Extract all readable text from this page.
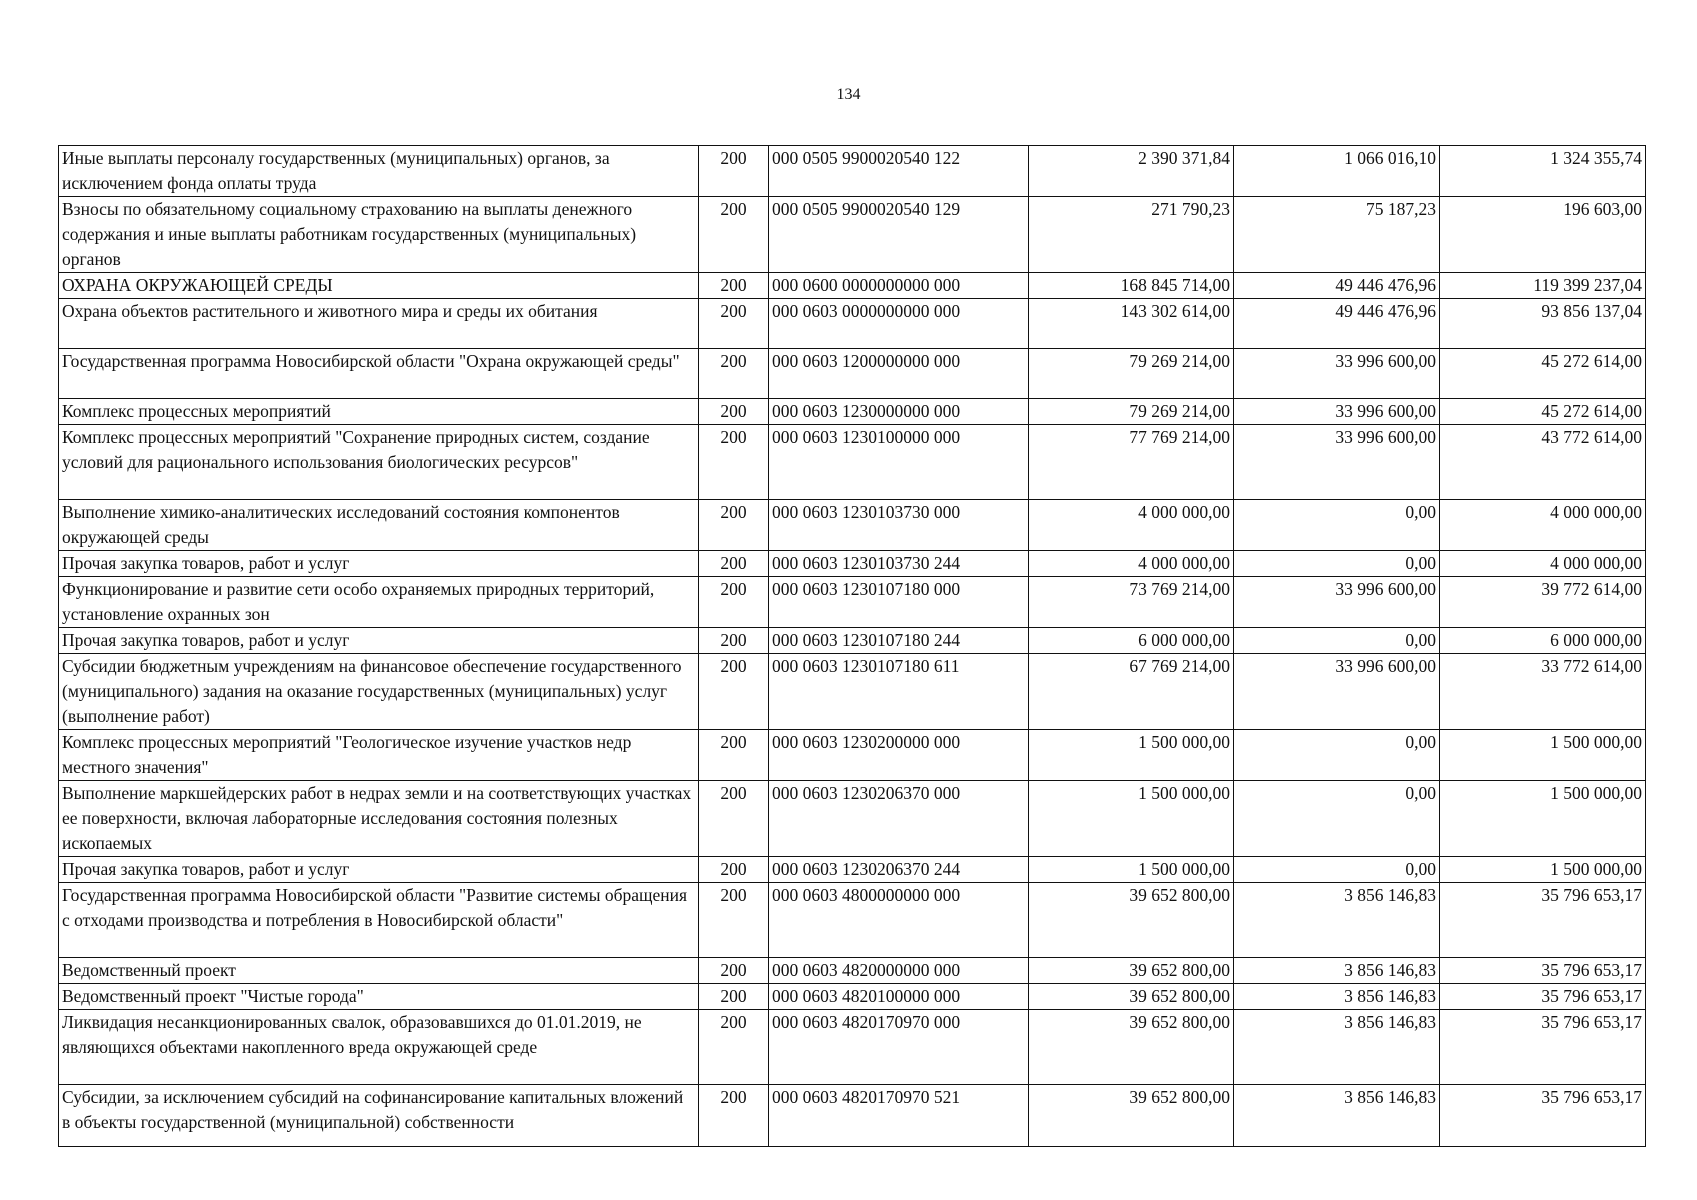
134
Иные выплаты персоналу государственных (муниципальных) органов, за исключением фонда оплаты труда	200	000 0505 9900020540 122	2 390 371,84	1 066 016,10	1 324 355,74
Взносы по обязательному социальному страхованию на выплаты денежного содержания и иные выплаты работникам государственных (муниципальных) органов	200	000 0505 9900020540 129	271 790,23	75 187,23	196 603,00
ОХРАНА ОКРУЖАЮЩЕЙ СРЕДЫ	200	000 0600 0000000000 000	168 845 714,00	49 446 476,96	119 399 237,04
Охрана объектов растительного и животного мира и среды их обитания	200	000 0603 0000000000 000	143 302 614,00	49 446 476,96	93 856 137,04
Государственная программа Новосибирской области "Охрана окружающей среды"	200	000 0603 1200000000 000	79 269 214,00	33 996 600,00	45 272 614,00
Комплекс процессных мероприятий	200	000 0603 1230000000 000	79 269 214,00	33 996 600,00	45 272 614,00
Комплекс процессных мероприятий "Сохранение природных систем, создание условий для рационального использования биологических ресурсов"	200	000 0603 1230100000 000	77 769 214,00	33 996 600,00	43 772 614,00
Выполнение химико-аналитических исследований состояния компонентов окружающей среды	200	000 0603 1230103730 000	4 000 000,00	0,00	4 000 000,00
Прочая закупка товаров, работ и услуг	200	000 0603 1230103730 244	4 000 000,00	0,00	4 000 000,00
Функционирование и развитие сети особо охраняемых природных территорий, установление охранных зон	200	000 0603 1230107180 000	73 769 214,00	33 996 600,00	39 772 614,00
Прочая закупка товаров, работ и услуг	200	000 0603 1230107180 244	6 000 000,00	0,00	6 000 000,00
Субсидии бюджетным учреждениям на финансовое обеспечение государственного (муниципального) задания на оказание государственных (муниципальных) услуг (выполнение работ)	200	000 0603 1230107180 611	67 769 214,00	33 996 600,00	33 772 614,00
Комплекс процессных мероприятий "Геологическое изучение участков недр местного значения"	200	000 0603 1230200000 000	1 500 000,00	0,00	1 500 000,00
Выполнение маркшейдерских работ в недрах земли и на соответствующих участках ее поверхности, включая лабораторные исследования состояния полезных ископаемых	200	000 0603 1230206370 000	1 500 000,00	0,00	1 500 000,00
Прочая закупка товаров, работ и услуг	200	000 0603 1230206370 244	1 500 000,00	0,00	1 500 000,00
Государственная программа Новосибирской области "Развитие системы обращения с отходами производства и потребления в Новосибирской области"	200	000 0603 4800000000 000	39 652 800,00	3 856 146,83	35 796 653,17
Ведомственный проект	200	000 0603 4820000000 000	39 652 800,00	3 856 146,83	35 796 653,17
Ведомственный проект "Чистые города"	200	000 0603 4820100000 000	39 652 800,00	3 856 146,83	35 796 653,17
Ликвидация несанкционированных свалок, образовавшихся до 01.01.2019, не являющихся объектами накопленного вреда окружающей среде	200	000 0603 4820170970 000	39 652 800,00	3 856 146,83	35 796 653,17
Субсидии, за исключением субсидий на софинансирование капитальных вложений в объекты государственной (муниципальной) собственности	200	000 0603 4820170970 521	39 652 800,00	3 856 146,83	35 796 653,17
